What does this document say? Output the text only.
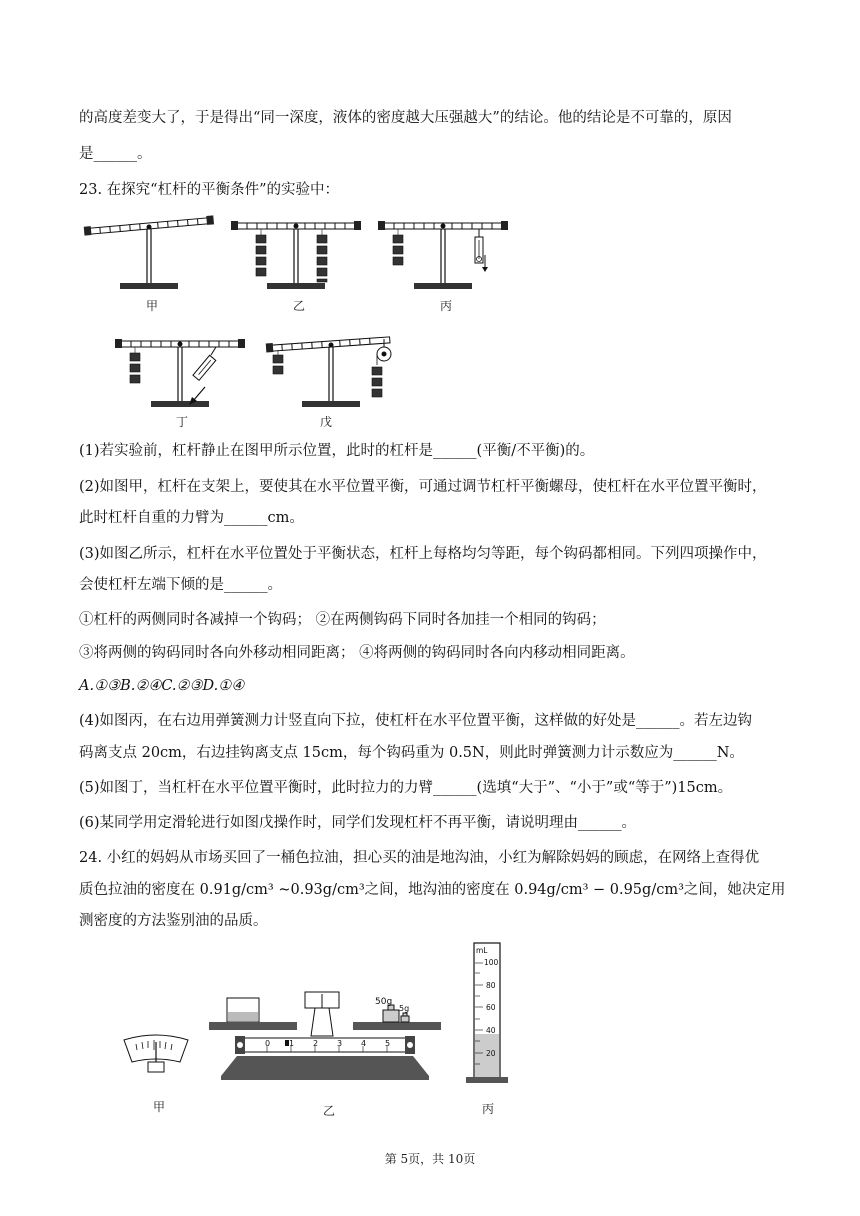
的高度差变大了，于是得出“同一深度，液体的密度越大压强越大”的结论。他的结论是不可靠的，原因
是______。
23. 在探究“杠杆的平衡条件”的实验中：
甲	乙	丙
丁	戊
(1)若实验前，杠杆静止在图甲所示位置，此时的杠杆是______(平衡/不平衡)的。
(2)如图甲，杠杆在支架上，要使其在水平位置平衡，可通过调节杠杆平衡螺母，使杠杆在水平位置平衡时，
此时杠杆自重的力臂为______cm。
(3)如图乙所示，杠杆在水平位置处于平衡状态，杠杆上每格均匀等距，每个钩码都相同。下列四项操作中，
会使杠杆左端下倾的是______。
①杠杆的两侧同时各减掉一个钩码； ②在两侧钩码下同时各加挂一个相同的钩码；
③将两侧的钩码同时各向外移动相同距离； ④将两侧的钩码同时各向内移动相同距离。
A.①③B.②④C.②③D.①④
(4)如图丙，在右边用弹簧测力计竖直向下拉，使杠杆在水平位置平衡，这样做的好处是______。若左边钩
码离支点 20cm，右边挂钩离支点 15cm，每个钩码重为 0.5N，则此时弹簧测力计示数应为______N。
(5)如图丁，当杠杆在水平位置平衡时，此时拉力的力臂______(选填“大于”、“小于”或“等于”)15cm。
(6)某同学用定滑轮进行如图戊操作时，同学们发现杠杆不再平衡，请说明理由______。
24. 小红的妈妈从市场买回了一桶色拉油，担心买的油是地沟油，小红为解除妈妈的顾虑，在网络上查得优
质色拉油的密度在 0.91g/cm³ ~0.93g/cm³之间，地沟油的密度在 0.94g/cm³ − 0.95g/cm³之间，她决定用
测密度的方法鉴别油的品质。
甲
50g
5g
0 1 2 3 4 5
乙
mL
100
80
60
40
20
丙
第 5页，共 10页
